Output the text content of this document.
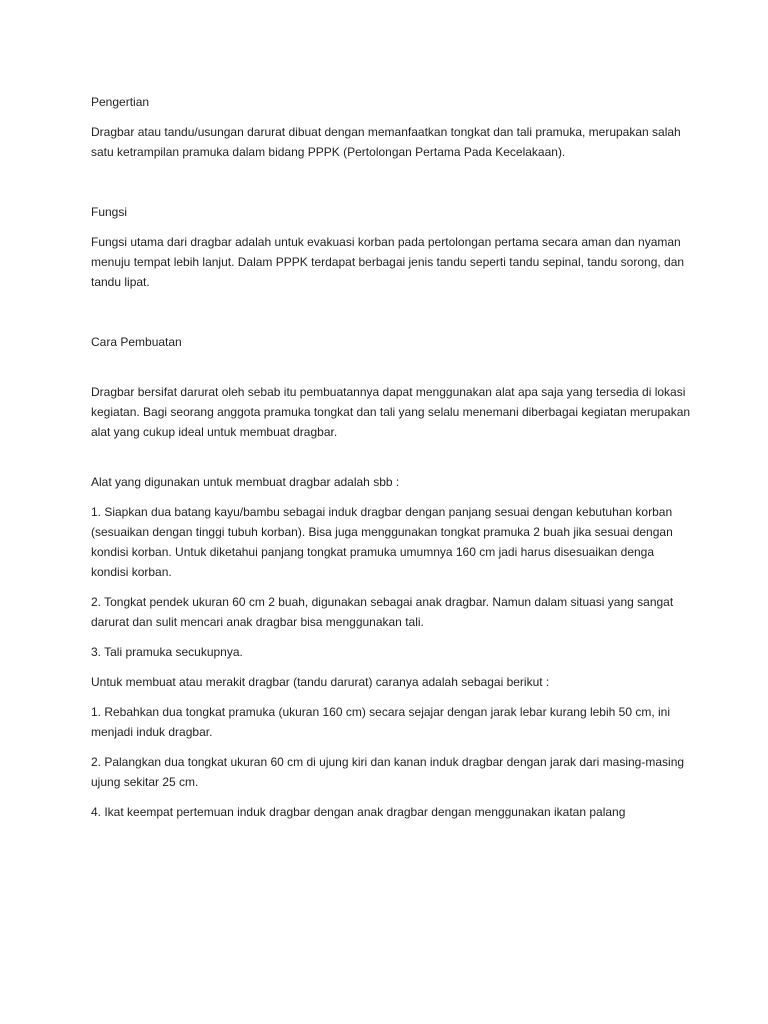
Pengertian

Dragbar atau tandu/usungan darurat dibuat dengan memanfaatkan tongkat dan tali pramuka, merupakan salah satu ketrampilan pramuka dalam bidang PPPK (Pertolongan Pertama Pada Kecelakaan).

Fungsi

Fungsi utama dari dragbar adalah untuk evakuasi korban pada pertolongan pertama secara aman dan nyaman menuju tempat lebih lanjut. Dalam PPPK terdapat berbagai jenis tandu seperti tandu sepinal, tandu sorong, dan tandu lipat.

Cara Pembuatan

Dragbar bersifat darurat oleh sebab itu pembuatannya dapat menggunakan alat apa saja yang tersedia di lokasi kegiatan. Bagi seorang anggota pramuka tongkat dan tali yang selalu menemani diberbagai kegiatan merupakan alat yang cukup ideal untuk membuat dragbar.

Alat yang digunakan untuk membuat dragbar adalah sbb :

1. Siapkan dua batang kayu/bambu sebagai induk dragbar dengan panjang sesuai dengan kebutuhan korban (sesuaikan dengan tinggi tubuh korban). Bisa juga menggunakan tongkat pramuka 2 buah jika sesuai dengan kondisi korban. Untuk diketahui panjang tongkat pramuka umumnya 160 cm jadi harus disesuaikan denga kondisi korban.

2. Tongkat pendek ukuran 60 cm 2 buah, digunakan sebagai anak dragbar. Namun dalam situasi yang sangat darurat dan sulit mencari anak dragbar bisa menggunakan tali.

3. Tali pramuka secukupnya.

Untuk membuat atau merakit dragbar (tandu darurat) caranya adalah sebagai berikut :

1. Rebahkan dua tongkat pramuka (ukuran 160 cm) secara sejajar dengan jarak lebar kurang lebih 50 cm, ini menjadi induk dragbar.

2. Palangkan dua tongkat ukuran 60 cm di ujung kiri dan kanan induk dragbar dengan jarak dari masing-masing ujung sekitar 25 cm.

4. Ikat keempat pertemuan induk dragbar dengan anak dragbar dengan menggunakan ikatan palang
